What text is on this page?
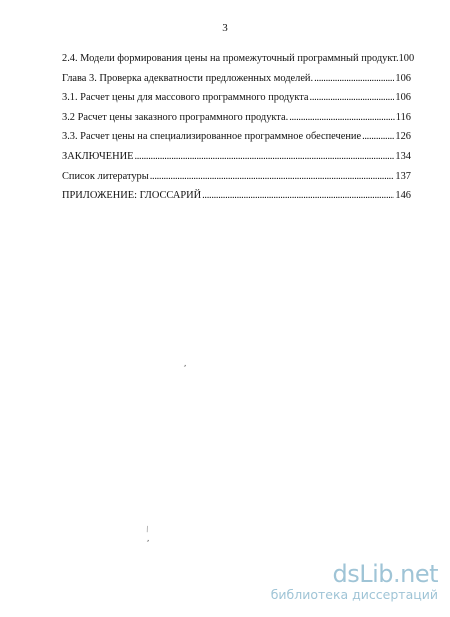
3
2.4. Модели формирования цены на промежуточный программный продукт. 100
Глава 3. Проверка адекватности предложенных моделей. .....	106
3.1. Расчет цены для массового программного продукта .....	106
3.2 Расчет цены заказного программного продукта. .....	116
3.3. Расчет цены на специализированное программное обеспечение .....	126
ЗАКЛЮЧЕНИЕ .....	134
Список литературы .....	137
ПРИЛОЖЕНИЕ: ГЛОССАРИЙ .....	146
,
\
,
dsLib.net
библиотека диссертаций
